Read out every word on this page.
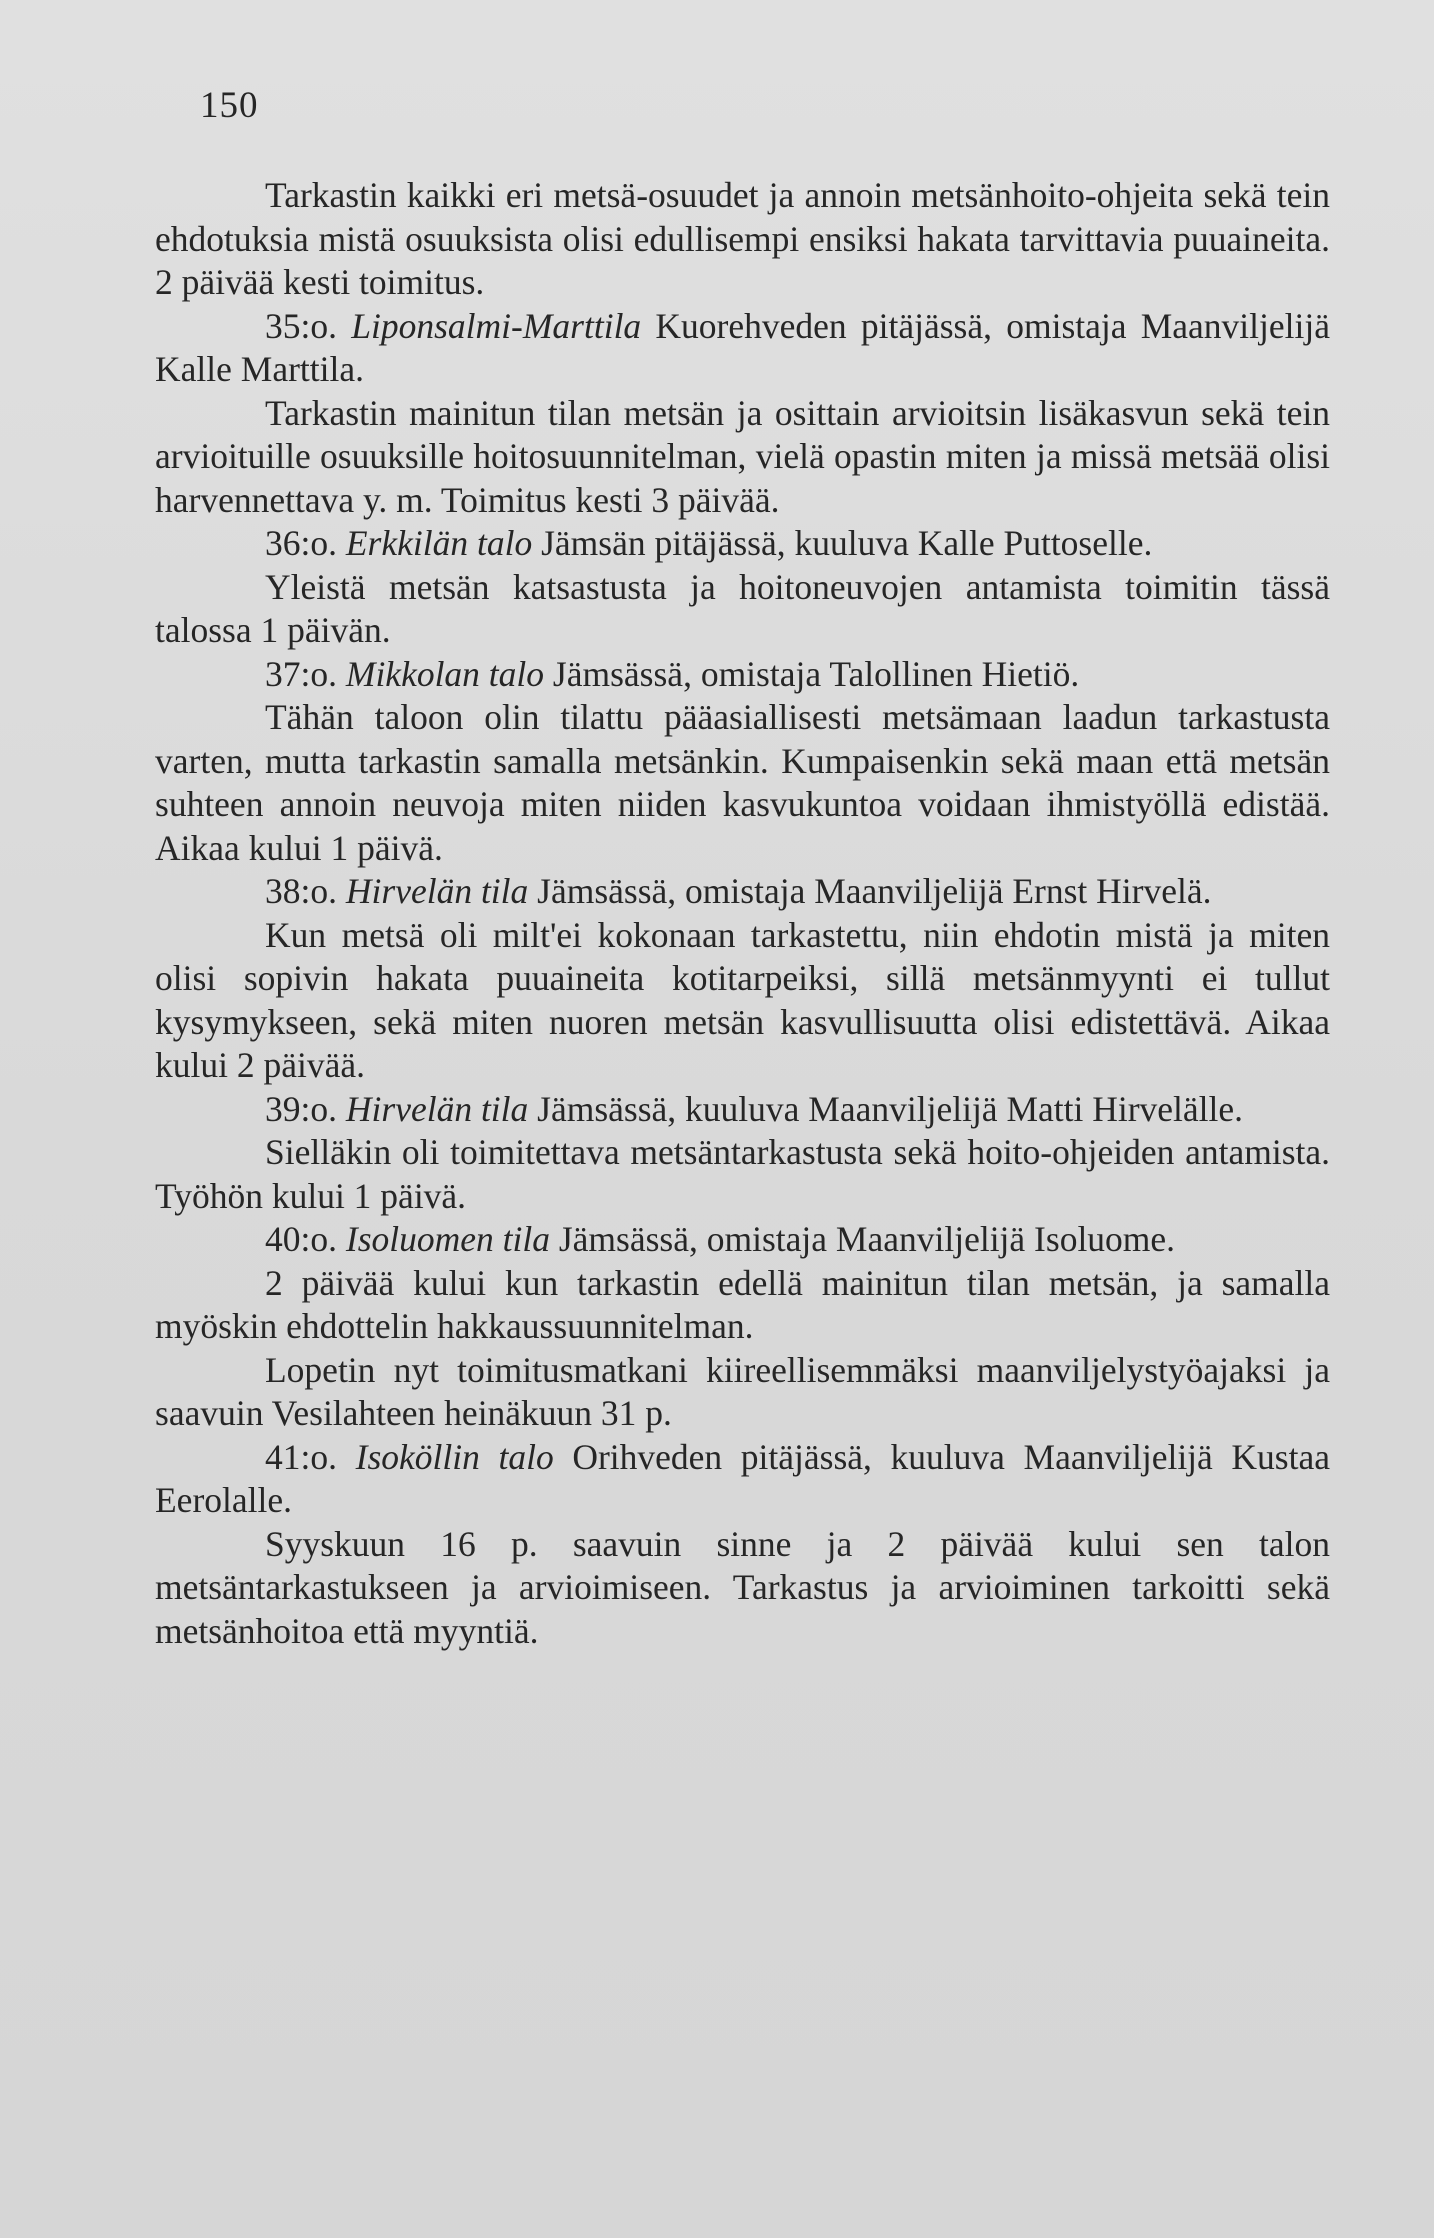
150

Tarkastin kaikki eri metsä-osuudet ja annoin metsänhoito-ohjeita sekä tein ehdotuksia mistä osuuksista olisi edullisempi ensiksi hakata tarvittavia puuaineita. 2 päivää kesti toimitus.

35:o. Liponsalmi-Marttila Kuorehveden pitäjässä, omistaja Maanviljelijä Kalle Marttila.

Tarkastin mainitun tilan metsän ja osittain arvioitsin lisäkasvun sekä tein arvioituille osuuksille hoitosuunnitelman, vielä opastin miten ja missä metsää olisi harvennettava y. m. Toimitus kesti 3 päivää.

36:o. Erkkilän talo Jämsän pitäjässä, kuuluva Kalle Puttoselle.

Yleistä metsän katsastusta ja hoitoneuvojen antamista toimitin tässä talossa 1 päivän.

37:o. Mikkolan talo Jämsässä, omistaja Talollinen Hietiö.

Tähän taloon olin tilattu pääasiallisesti metsämaan laadun tarkastusta varten, mutta tarkastin samalla metsänkin. Kumpaisenkin sekä maan että metsän suhteen annoin neuvoja miten niiden kasvukuntoa voidaan ihmistyöllä edistää. Aikaa kului 1 päivä.

38:o. Hirvelän tila Jämsässä, omistaja Maanviljelijä Ernst Hirvelä.

Kun metsä oli milt'ei kokonaan tarkastettu, niin ehdotin mistä ja miten olisi sopivin hakata puuaineita kotitarpeiksi, sillä metsänmyynti ei tullut kysymykseen, sekä miten nuoren metsän kasvullisuutta olisi edistettävä. Aikaa kului 2 päivää.

39:o. Hirvelän tila Jämsässä, kuuluva Maanviljelijä Matti Hirvelälle.

Sielläkin oli toimitettava metsäntarkastusta sekä hoito-ohjeiden antamista. Työhön kului 1 päivä.

40:o. Isoluomen tila Jämsässä, omistaja Maanviljelijä Isoluome.

2 päivää kului kun tarkastin edellä mainitun tilan metsän, ja samalla myöskin ehdottelin hakkaussuunnitelman.

Lopetin nyt toimitusmatkani kiireellisemmäksi maanviljelystyöajaksi ja saavuin Vesilahteen heinäkuun 31 p.

41:o. Isoköllin talo Orihveden pitäjässä, kuuluva Maanviljelijä Kustaa Eerolalle.

Syyskuun 16 p. saavuin sinne ja 2 päivää kului sen talon metsäntarkastukseen ja arvioimiseen. Tarkastus ja arvioiminen tarkoitti sekä metsänhoitoa että myyntiä.
